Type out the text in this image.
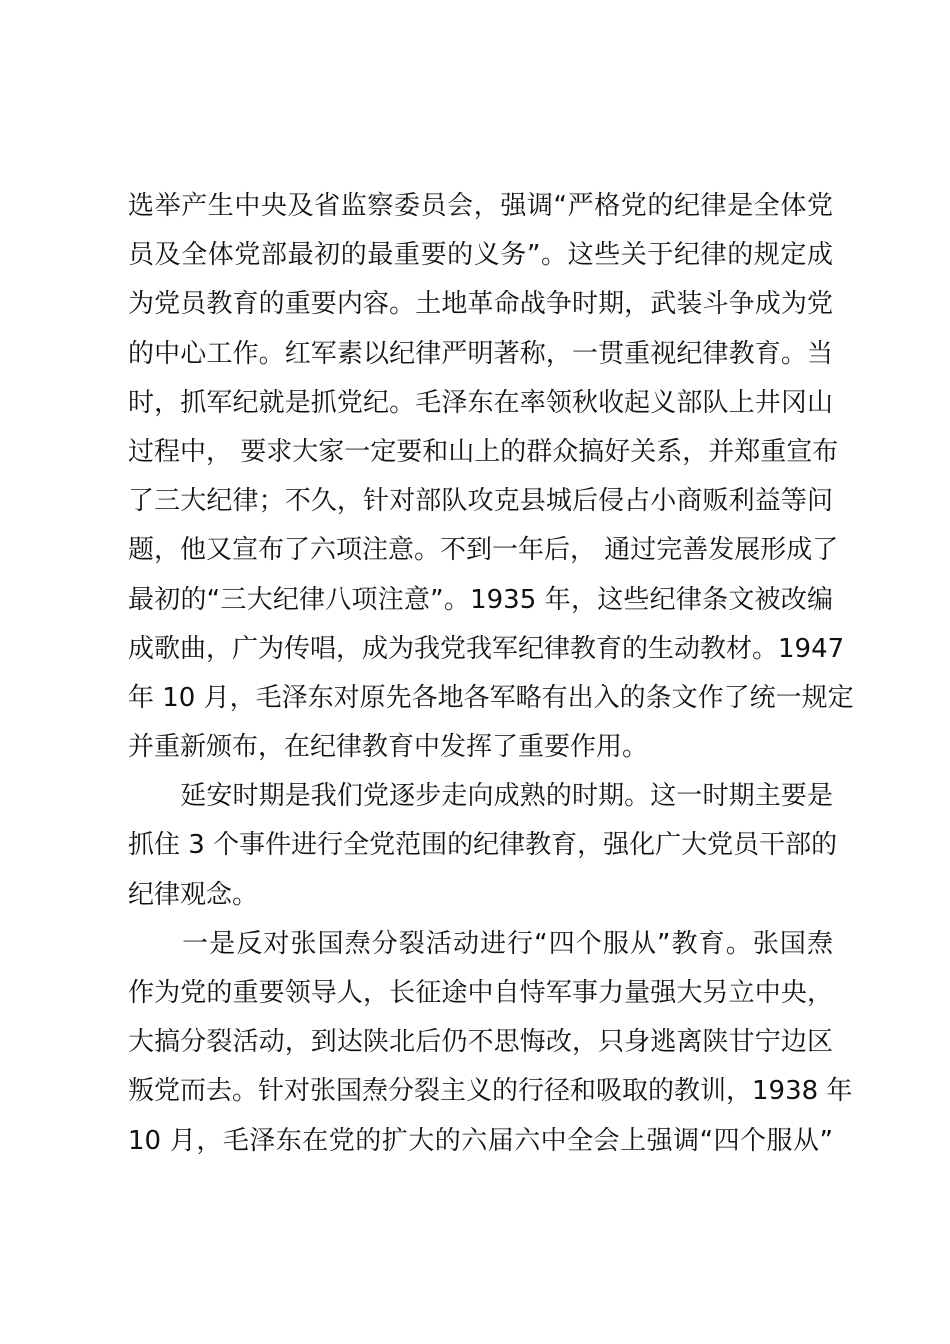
选举产生中央及省监察委员会，强调“严格党的纪律是全体党
员及全体党部最初的最重要的义务”。这些关于纪律的规定成
为党员教育的重要内容。土地革命战争时期，武装斗争成为党
的中心工作。红军素以纪律严明著称，一贯重视纪律教育。当
时，抓军纪就是抓党纪。毛泽东在率领秋收起义部队上井冈山
过程中， 要求大家一定要和山上的群众搞好关系，并郑重宣布
了三大纪律；不久，针对部队攻克县城后侵占小商贩利益等问
题，他又宣布了六项注意。不到一年后， 通过完善发展形成了
最初的“三大纪律八项注意”。1935 年，这些纪律条文被改编
成歌曲，广为传唱，成为我党我军纪律教育的生动教材。1947
年 10 月，毛泽东对原先各地各军略有出入的条文作了统一规定
并重新颁布，在纪律教育中发挥了重要作用。
　　延安时期是我们党逐步走向成熟的时期。这一时期主要是
抓住 3 个事件进行全党范围的纪律教育，强化广大党员干部的
纪律观念。
　　一是反对张国焘分裂活动进行“四个服从”教育。张国焘
作为党的重要领导人，长征途中自恃军事力量强大另立中央，
大搞分裂活动，到达陕北后仍不思悔改，只身逃离陕甘宁边区
叛党而去。针对张国焘分裂主义的行径和吸取的教训，1938 年
10 月，毛泽东在党的扩大的六届六中全会上强调“四个服从”
